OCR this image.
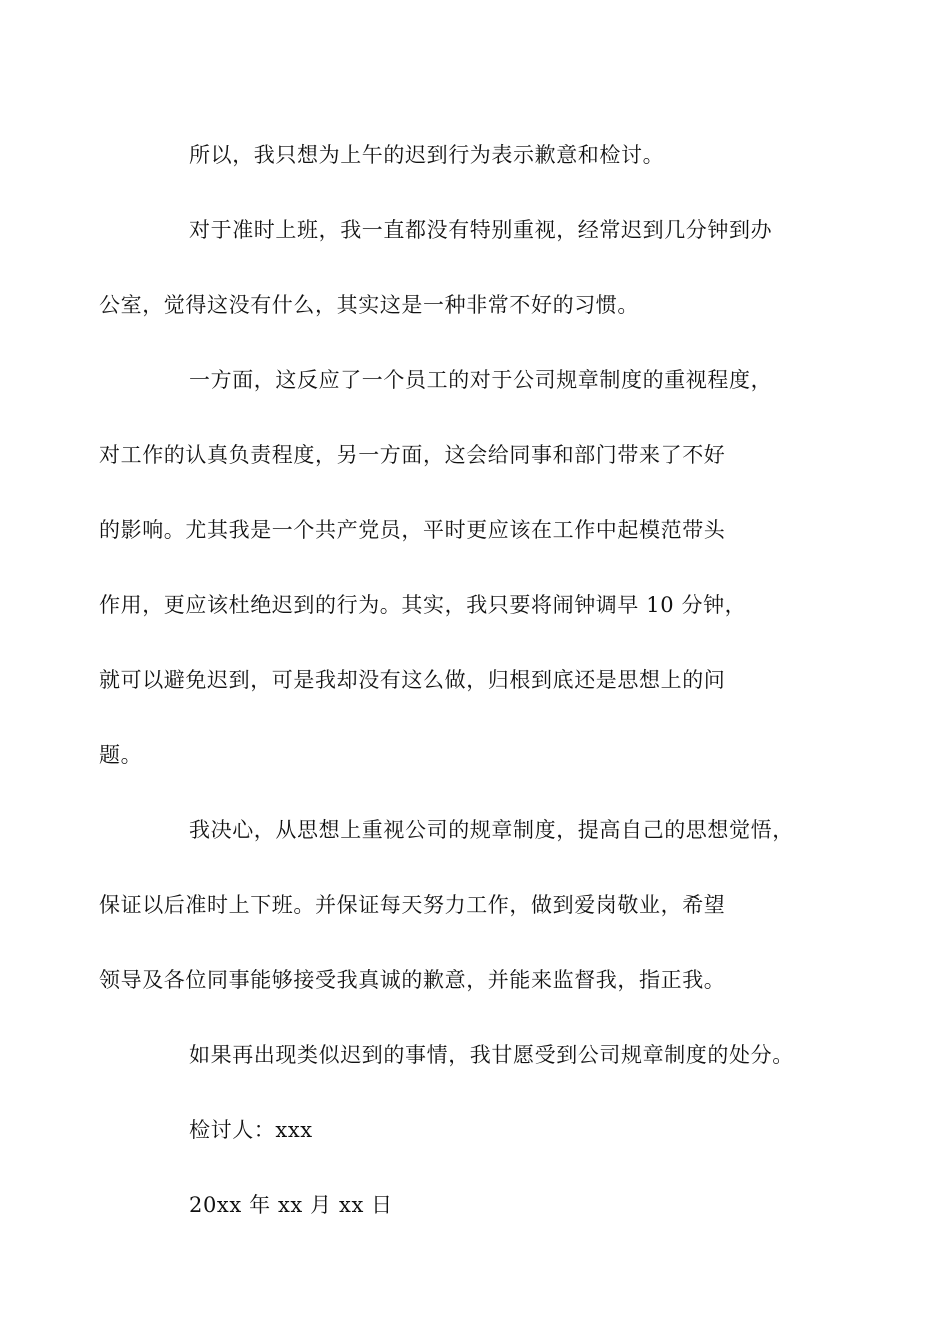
所以，我只想为上午的迟到行为表示歉意和检讨。

对于准时上班，我一直都没有特别重视，经常迟到几分钟到办
公室，觉得这没有什么，其实这是一种非常不好的习惯。

一方面，这反应了一个员工的对于公司规章制度的重视程度，
对工作的认真负责程度，另一方面，这会给同事和部门带来了不好
的影响。尤其我是一个共产党员，平时更应该在工作中起模范带头
作用，更应该杜绝迟到的行为。其实，我只要将闹钟调早 10 分钟，
就可以避免迟到，可是我却没有这么做，归根到底还是思想上的问
题。

我决心，从思想上重视公司的规章制度，提高自己的思想觉悟，
保证以后准时上下班。并保证每天努力工作，做到爱岗敬业，希望
领导及各位同事能够接受我真诚的歉意，并能来监督我，指正我。

如果再出现类似迟到的事情，我甘愿受到公司规章制度的处分。

检讨人：xxx

20xx 年 xx 月 xx 日
